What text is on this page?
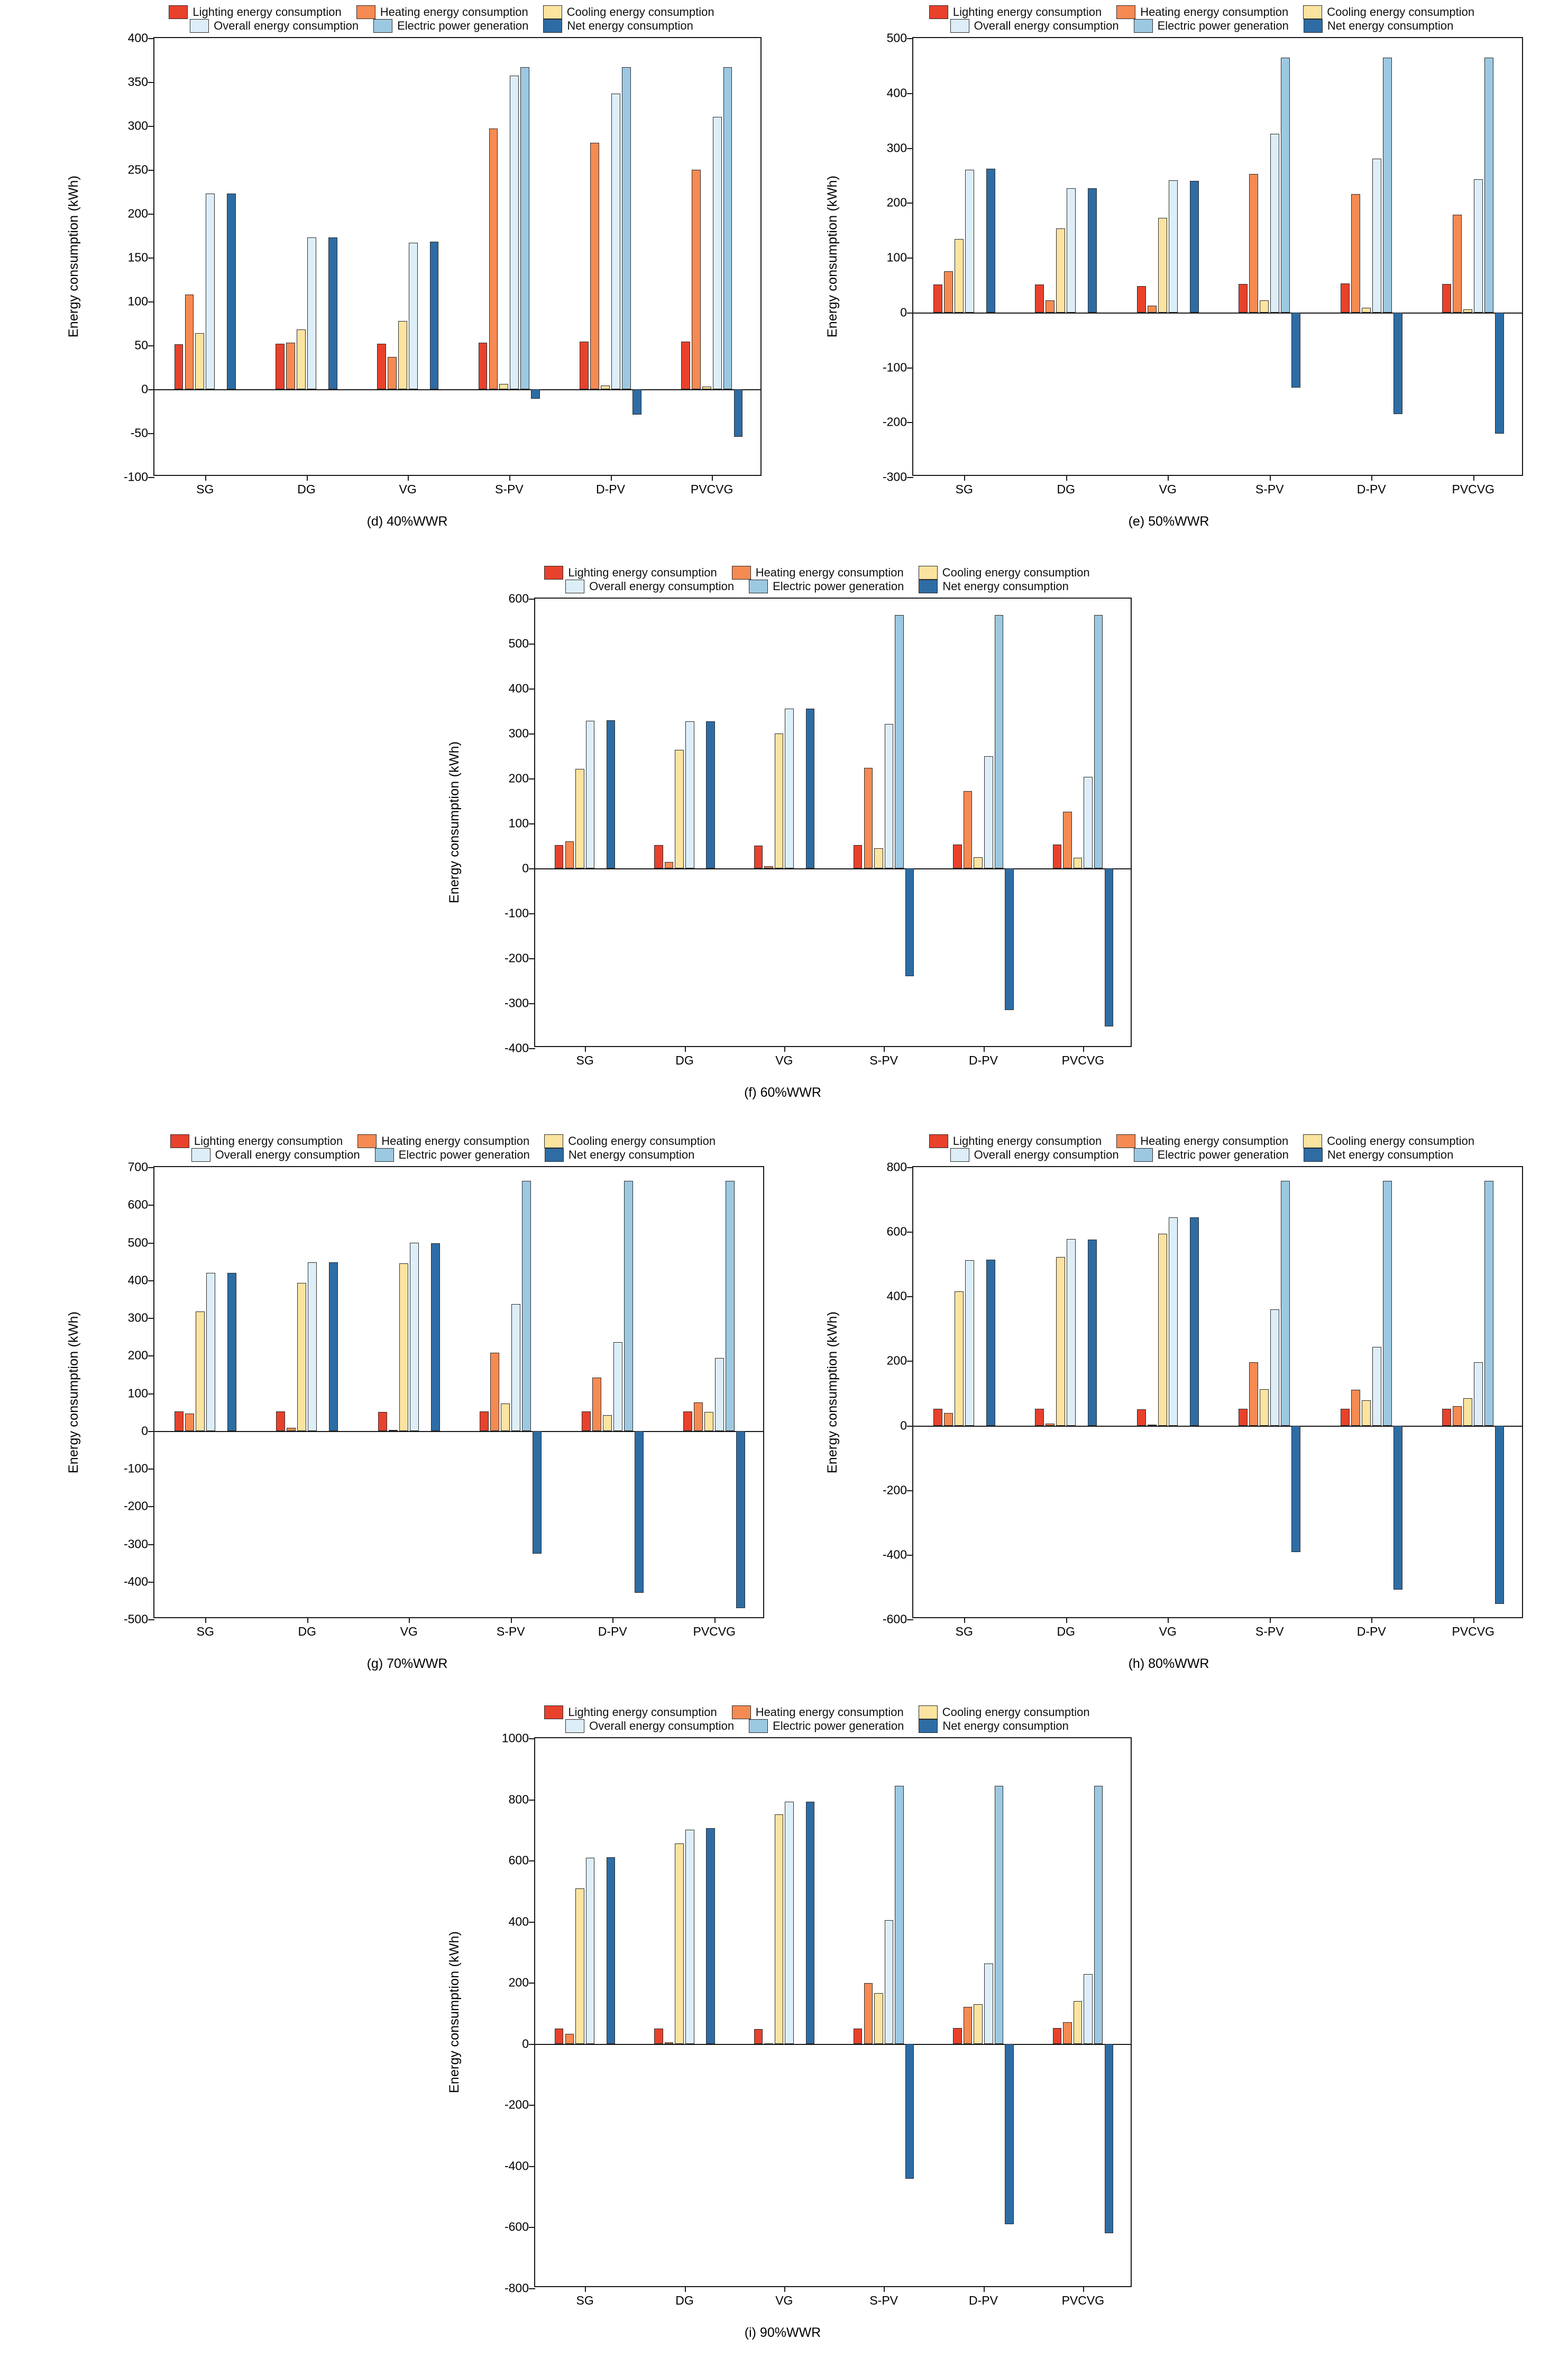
Lighting energy consumption	Heating energy consumption	Cooling energy consumption
Overall energy consumption	Electric power generation	Net energy consumption
Energy consumption (kWh)
-100
-50
0
50
100
150
200
250
300
350
400
SG	DG	VG	S-PV	D-PV	PVCVG
(d) 40%WWR
Lighting energy consumption	Heating energy consumption	Cooling energy consumption
Overall energy consumption	Electric power generation	Net energy consumption
Energy consumption (kWh)
-300
-200
-100
0
100
200
300
400
500
SG	DG	VG	S-PV	D-PV	PVCVG
(e) 50%WWR
Lighting energy consumption	Heating energy consumption	Cooling energy consumption
Overall energy consumption	Electric power generation	Net energy consumption
Energy consumption (kWh)
-400
-300
-200
-100
0
100
200
300
400
500
600
SG	DG	VG	S-PV	D-PV	PVCVG
(f) 60%WWR
Lighting energy consumption	Heating energy consumption	Cooling energy consumption
Overall energy consumption	Electric power generation	Net energy consumption
Energy consumption (kWh)
-500
-400
-300
-200
-100
0
100
200
300
400
500
600
700
SG	DG	VG	S-PV	D-PV	PVCVG
(g) 70%WWR
Lighting energy consumption	Heating energy consumption	Cooling energy consumption
Overall energy consumption	Electric power generation	Net energy consumption
Energy consumption (kWh)
-600
-400
-200
0
200
400
600
800
SG	DG	VG	S-PV	D-PV	PVCVG
(h) 80%WWR
Lighting energy consumption	Heating energy consumption	Cooling energy consumption
Overall energy consumption	Electric power generation	Net energy consumption
Energy consumption (kWh)
-800
-600
-400
-200
0
200
400
600
800
1000
SG	DG	VG	S-PV	D-PV	PVCVG
(i) 90%WWR
